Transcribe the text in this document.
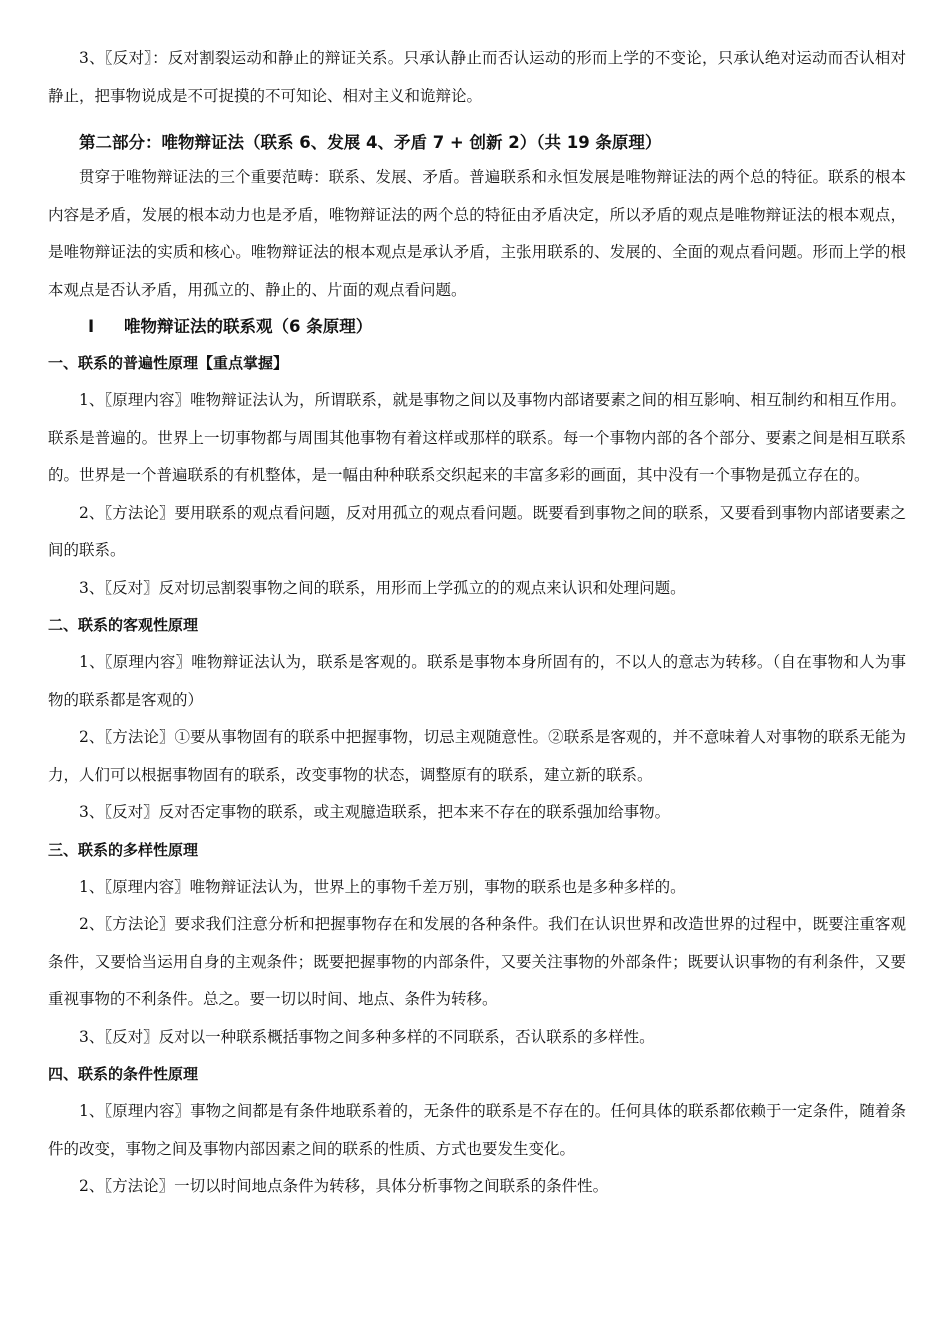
3、〖反对〗：反对割裂运动和静止的辩证关系。只承认静止而否认运动的形而上学的不变论，只承认绝对运动而否认相对静止，把事物说成是不可捉摸的不可知论、相对主义和诡辩论。

第二部分：唯物辩证法（联系 6、发展 4、矛盾 7 + 创新 2）（共 19 条原理）

贯穿于唯物辩证法的三个重要范畴：联系、发展、矛盾。普遍联系和永恒发展是唯物辩证法的两个总的特征。联系的根本内容是矛盾，发展的根本动力也是矛盾，唯物辩证法的两个总的特征由矛盾决定，所以矛盾的观点是唯物辩证法的根本观点，是唯物辩证法的实质和核心。唯物辩证法的根本观点是承认矛盾，主张用联系的、发展的、全面的观点看问题。形而上学的根本观点是否认矛盾，用孤立的、静止的、片面的观点看问题。

Ⅰ 唯物辩证法的联系观（6 条原理）

一、联系的普遍性原理【重点掌握】

1、〖原理内容〗唯物辩证法认为，所谓联系，就是事物之间以及事物内部诸要素之间的相互影响、相互制约和相互作用。联系是普遍的。世界上一切事物都与周围其他事物有着这样或那样的联系。每一个事物内部的各个部分、要素之间是相互联系的。世界是一个普遍联系的有机整体，是一幅由种种联系交织起来的丰富多彩的画面，其中没有一个事物是孤立存在的。

2、〖方法论〗要用联系的观点看问题，反对用孤立的观点看问题。既要看到事物之间的联系，又要看到事物内部诸要素之间的联系。

3、〖反对〗反对切忌割裂事物之间的联系，用形而上学孤立的的观点来认识和处理问题。

二、联系的客观性原理

1、〖原理内容〗唯物辩证法认为，联系是客观的。联系是事物本身所固有的，不以人的意志为转移。（自在事物和人为事物的联系都是客观的）

2、〖方法论〗①要从事物固有的联系中把握事物，切忌主观随意性。②联系是客观的，并不意味着人对事物的联系无能为力，人们可以根据事物固有的联系，改变事物的状态，调整原有的联系，建立新的联系。

3、〖反对〗反对否定事物的联系，或主观臆造联系，把本来不存在的联系强加给事物。

三、联系的多样性原理

1、〖原理内容〗唯物辩证法认为，世界上的事物千差万别，事物的联系也是多种多样的。

2、〖方法论〗要求我们注意分析和把握事物存在和发展的各种条件。我们在认识世界和改造世界的过程中，既要注重客观条件，又要恰当运用自身的主观条件；既要把握事物的内部条件，又要关注事物的外部条件；既要认识事物的有利条件，又要重视事物的不利条件。总之。要一切以时间、地点、条件为转移。

3、〖反对〗反对以一种联系概括事物之间多种多样的不同联系，否认联系的多样性。

四、联系的条件性原理

1、〖原理内容〗事物之间都是有条件地联系着的，无条件的联系是不存在的。任何具体的联系都依赖于一定条件，随着条件的改变，事物之间及事物内部因素之间的联系的性质、方式也要发生变化。

2、〖方法论〗一切以时间地点条件为转移，具体分析事物之间联系的条件性。
